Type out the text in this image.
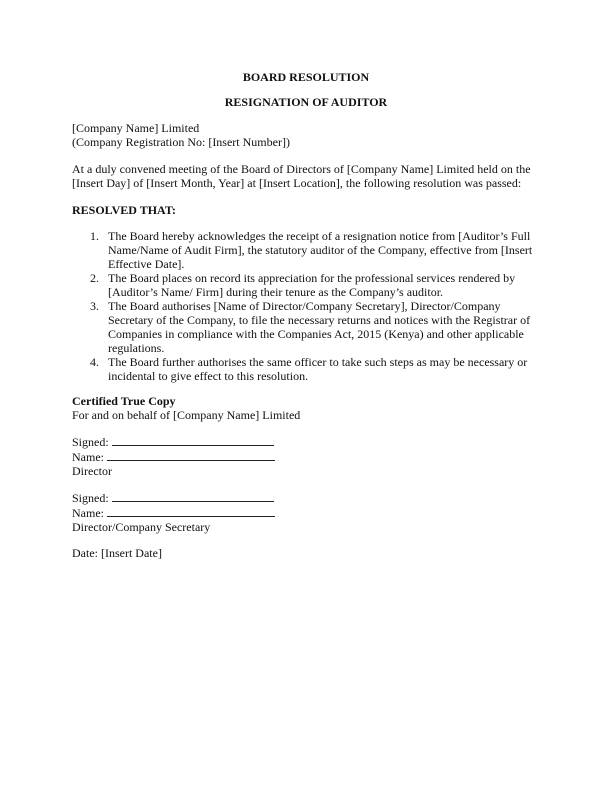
BOARD RESOLUTION

RESIGNATION OF AUDITOR

[Company Name] Limited
(Company Registration No: [Insert Number])
At a duly convened meeting of the Board of Directors of [Company Name] Limited held on the
[Insert Day] of [Insert Month, Year] at [Insert Location], the following resolution was passed:
RESOLVED THAT:
1. The Board hereby acknowledges the receipt of a resignation notice from [Auditor’s Full
Name/Name of Audit Firm], the statutory auditor of the Company, effective from [Insert
Effective Date].
2. The Board places on record its appreciation for the professional services rendered by
[Auditor’s Name/ Firm] during their tenure as the Company’s auditor.
3. The Board authorises [Name of Director/Company Secretary], Director/Company
Secretary of the Company, to file the necessary returns and notices with the Registrar of
Companies in compliance with the Companies Act, 2015 (Kenya) and other applicable
regulations.
4. The Board further authorises the same officer to take such steps as may be necessary or
incidental to give effect to this resolution.
Certified True Copy
For and on behalf of [Company Name] Limited
Signed:
Name:
Director
Signed:
Name:
Director/Company Secretary
Date: [Insert Date]
